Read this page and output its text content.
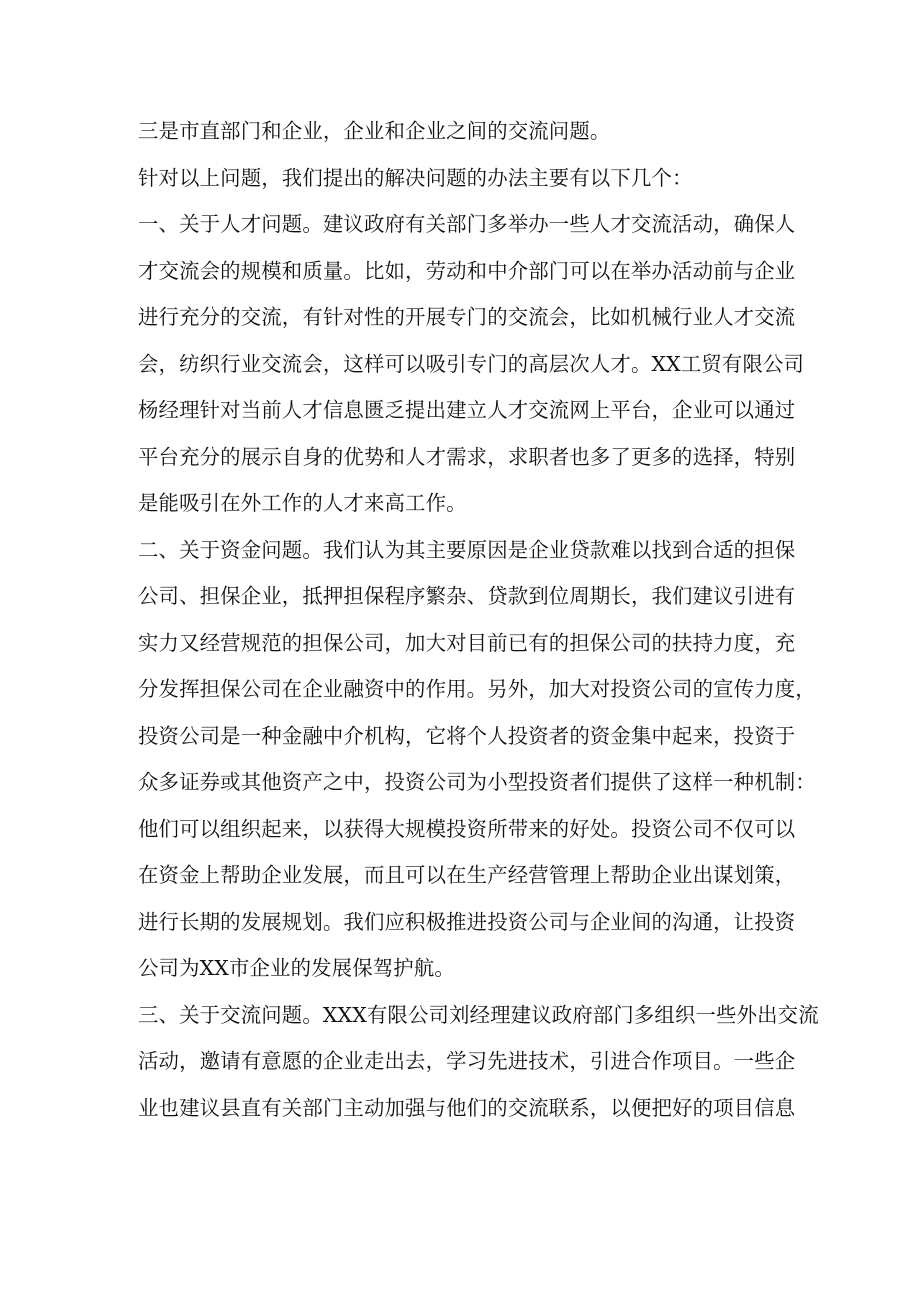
三是市直部门和企业，企业和企业之间的交流问题。
针对以上问题，我们提出的解决问题的办法主要有以下几个：
一、关于人才问题。建议政府有关部门多举办一些人才交流活动，确保人
才交流会的规模和质量。比如，劳动和中介部门可以在举办活动前与企业
进行充分的交流，有针对性的开展专门的交流会，比如机械行业人才交流
会，纺织行业交流会，这样可以吸引专门的高层次人才。XX工贸有限公司
杨经理针对当前人才信息匮乏提出建立人才交流网上平台，企业可以通过
平台充分的展示自身的优势和人才需求，求职者也多了更多的选择，特别
是能吸引在外工作的人才来高工作。
二、关于资金问题。我们认为其主要原因是企业贷款难以找到合适的担保
公司、担保企业，抵押担保程序繁杂、贷款到位周期长，我们建议引进有
实力又经营规范的担保公司，加大对目前已有的担保公司的扶持力度，充
分发挥担保公司在企业融资中的作用。另外，加大对投资公司的宣传力度，
投资公司是一种金融中介机构，它将个人投资者的资金集中起来，投资于
众多证券或其他资产之中，投资公司为小型投资者们提供了这样一种机制：
他们可以组织起来，以获得大规模投资所带来的好处。投资公司不仅可以
在资金上帮助企业发展，而且可以在生产经营管理上帮助企业出谋划策，
进行长期的发展规划。我们应积极推进投资公司与企业间的沟通，让投资
公司为XX市企业的发展保驾护航。
三、关于交流问题。XXX有限公司刘经理建议政府部门多组织一些外出交流
活动，邀请有意愿的企业走出去，学习先进技术，引进合作项目。一些企
业也建议县直有关部门主动加强与他们的交流联系，以便把好的项目信息
